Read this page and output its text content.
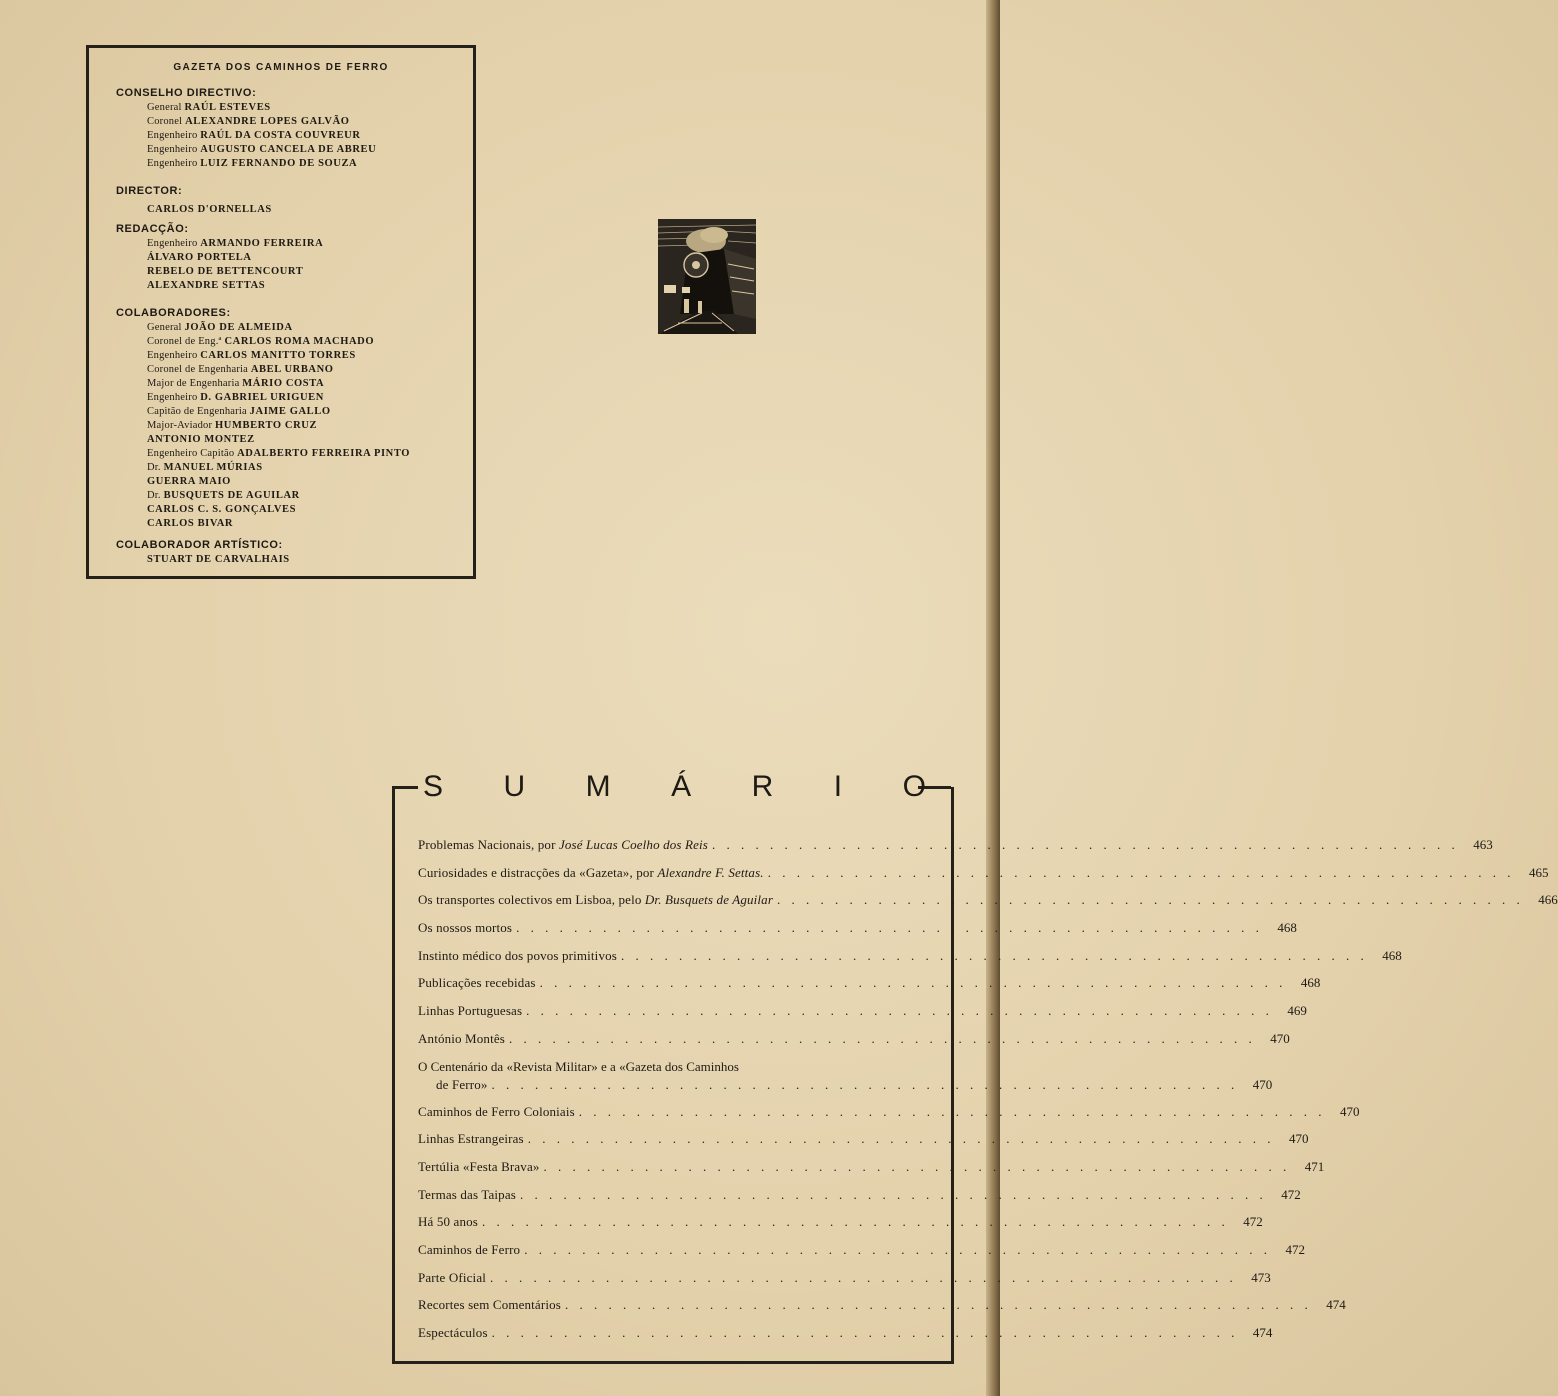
GAZETA DOS CAMINHOS DE FERRO
CONSELHO DIRECTIVO:
General RAÚL ESTEVES
Coronel ALEXANDRE LOPES GALVÃO
Engenheiro RAÚL DA COSTA COUVREUR
Engenheiro AUGUSTO CANCELA DE ABREU
Engenheiro LUIZ FERNANDO DE SOUZA
DIRECTOR:
CARLOS D'ORNELLAS
REDACÇÃO:
Engenheiro ARMANDO FERREIRA
ÁLVARO PORTELA
REBELO DE BETTENCOURT
ALEXANDRE SETTAS
COLABORADORES:
General JOÃO DE ALMEIDA
Coronel de Eng.ª CARLOS ROMA MACHADO
Engenheiro CARLOS MANITTO TORRES
Coronel de Engenharia ABEL URBANO
Major de Engenharia MÁRIO COSTA
Engenheiro D. GABRIEL URIGUEN
Capitão de Engenharia JAIME GALLO
Major-Aviador HUMBERTO CRUZ
ANTONIO MONTEZ
Engenheiro Capitão ADALBERTO FERREIRA PINTO
Dr. MANUEL MÚRIAS
GUERRA MAIO
Dr. BUSQUETS DE AGUILAR
CARLOS C. S. GONÇALVES
CARLOS BIVAR
COLABORADOR ARTÍSTICO:
STUART DE CARVALHAIS
S U M Á R I O
Problemas Nacionais, por José Lucas Coelho dos Reis . . . . . . . . . . . . . . . . . . . . . . . . . . . . . . . . . . . . . . . . . . . . . . . . . . . .	463
Curiosidades e distracções da «Gazeta», por Alexandre F. Settas. . . . . . . . . . . . . . . . . . . . . . . . . . . . . . . . . . . . . . . . . . . . . . . . . . . . .	465
Os transportes colectivos em Lisboa, pelo Dr. Busquets de Aguilar . . . . . . . . . . . . . . . . . . . . . . . . . . . . . . . . . . . . . . . . . . . . . . . . . . . .	466
Os nossos mortos . . . . . . . . . . . . . . . . . . . . . . . . . . . . . . . . . . . . . . . . . . . . . . . . . . . .	468
Instinto médico dos povos primitivos . . . . . . . . . . . . . . . . . . . . . . . . . . . . . . . . . . . . . . . . . . . . . . . . . . . .	468
Publicações recebidas . . . . . . . . . . . . . . . . . . . . . . . . . . . . . . . . . . . . . . . . . . . . . . . . . . . .	468
Linhas Portuguesas . . . . . . . . . . . . . . . . . . . . . . . . . . . . . . . . . . . . . . . . . . . . . . . . . . . .	469
António Montês . . . . . . . . . . . . . . . . . . . . . . . . . . . . . . . . . . . . . . . . . . . . . . . . . . . .	470
O Centenário da «Revista Militar» e a «Gazeta dos Caminhos
de Ferro» . . . . . . . . . . . . . . . . . . . . . . . . . . . . . . . . . . . . . . . . . . . . . . . . . . . .	470
Caminhos de Ferro Coloniais . . . . . . . . . . . . . . . . . . . . . . . . . . . . . . . . . . . . . . . . . . . . . . . . . . . .	470
Linhas Estrangeiras . . . . . . . . . . . . . . . . . . . . . . . . . . . . . . . . . . . . . . . . . . . . . . . . . . . .	470
Tertúlia «Festa Brava» . . . . . . . . . . . . . . . . . . . . . . . . . . . . . . . . . . . . . . . . . . . . . . . . . . . .	471
Termas das Taipas . . . . . . . . . . . . . . . . . . . . . . . . . . . . . . . . . . . . . . . . . . . . . . . . . . . .	472
Há 50 anos . . . . . . . . . . . . . . . . . . . . . . . . . . . . . . . . . . . . . . . . . . . . . . . . . . . .	472
Caminhos de Ferro . . . . . . . . . . . . . . . . . . . . . . . . . . . . . . . . . . . . . . . . . . . . . . . . . . . .	472
Parte Oficial . . . . . . . . . . . . . . . . . . . . . . . . . . . . . . . . . . . . . . . . . . . . . . . . . . . .	473
Recortes sem Comentários . . . . . . . . . . . . . . . . . . . . . . . . . . . . . . . . . . . . . . . . . . . . . . . . . . . .	474
Espectáculos . . . . . . . . . . . . . . . . . . . . . . . . . . . . . . . . . . . . . . . . . . . . . . . . . . . .	474
